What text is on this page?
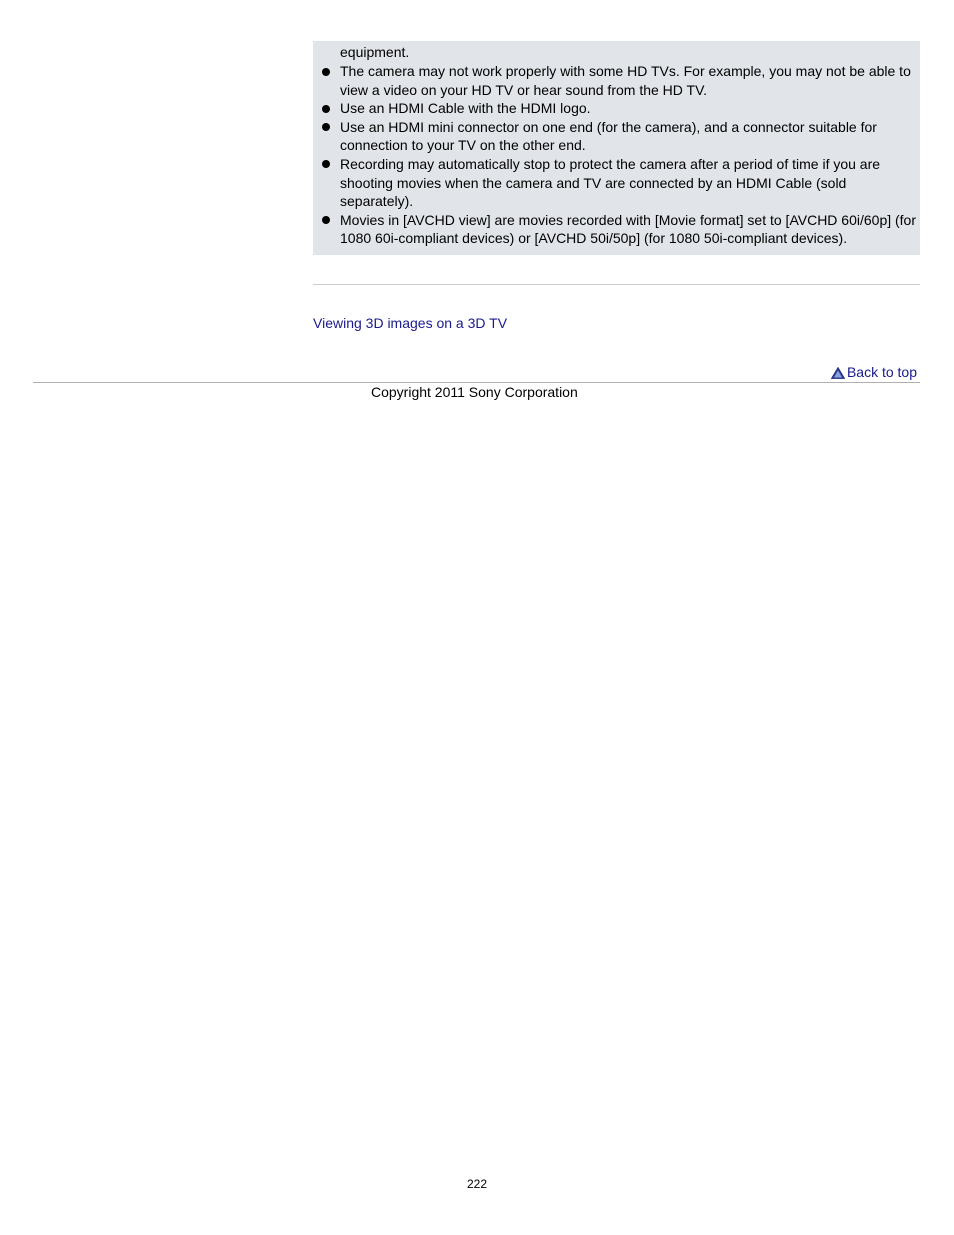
equipment.

The camera may not work properly with some HD TVs. For example, you may not be able to view a video on your HD TV or hear sound from the HD TV.
Use an HDMI Cable with the HDMI logo.
Use an HDMI mini connector on one end (for the camera), and a connector suitable for connection to your TV on the other end.
Recording may automatically stop to protect the camera after a period of time if you are shooting movies when the camera and TV are connected by an HDMI Cable (sold separately).
Movies in [AVCHD view] are movies recorded with [Movie format] set to [AVCHD 60i/60p] (for 1080 60i-compliant devices) or [AVCHD 50i/50p] (for 1080 50i-compliant devices).
Viewing 3D images on a 3D TV
Back to top
Copyright 2011 Sony Corporation
222
